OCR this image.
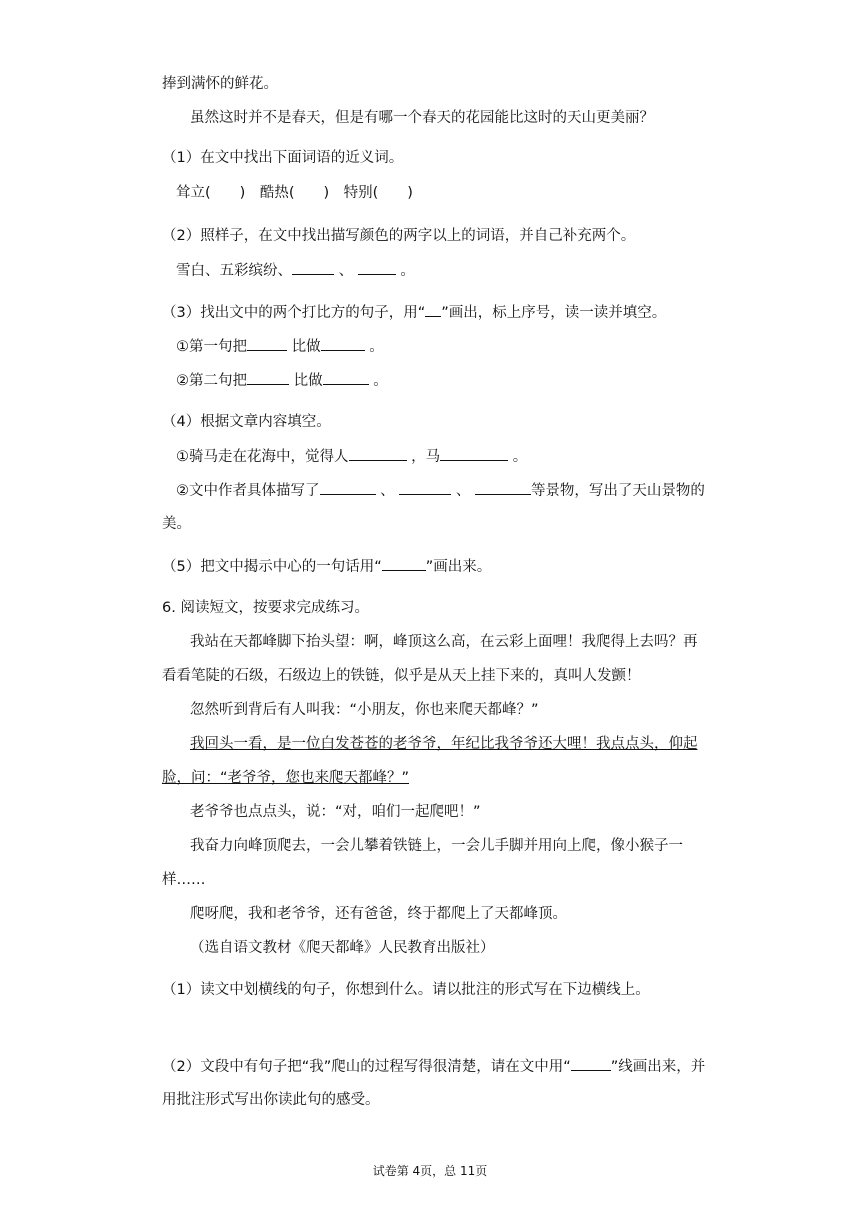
捧到满怀的鲜花。
虽然这时并不是春天，但是有哪一个春天的花园能比这时的天山更美丽？
（1）在文中找出下面词语的近义词。
耸立(　　)　酷热(　　)　特别(　　)
（2）照样子，在文中找出描写颜色的两字以上的词语，并自己补充两个。
雪白、五彩缤纷、	、	。
（3）找出文中的两个打比方的句子，用“ ”画出，标上序号，读一读并填空。
①第一句把	比做	。
②第二句把	比做	。
（4）根据文章内容填空。
①骑马走在花海中，觉得人	，马	。
②文中作者具体描写了	、	、	等景物，写出了天山景物的
美。
（5）把文中揭示中心的一句话用“	”画出来。
6. 阅读短文，按要求完成练习。
我站在天都峰脚下抬头望：啊，峰顶这么高，在云彩上面哩！我爬得上去吗？再
看看笔陡的石级，石级边上的铁链，似乎是从天上挂下来的，真叫人发颤！
忽然听到背后有人叫我：“小朋友，你也来爬天都峰？”
我回头一看，是一位白发苍苍的老爷爷，年纪比我爷爷还大哩！我点点头，仰起
脸，问：“老爷爷，您也来爬天都峰？”
老爷爷也点点头，说：“对，咱们一起爬吧！”
我奋力向峰顶爬去，一会儿攀着铁链上，一会儿手脚并用向上爬，像小猴子一
样……
爬呀爬，我和老爷爷，还有爸爸，终于都爬上了天都峰顶。
（选自语文教材《爬天都峰》人民教育出版社）
（1）读文中划横线的句子，你想到什么。请以批注的形式写在下边横线上。
（2）文段中有句子把“我”爬山的过程写得很清楚，请在文中用“	”线画出来，并
用批注形式写出你读此句的感受。
试卷第 4页，总 11页
